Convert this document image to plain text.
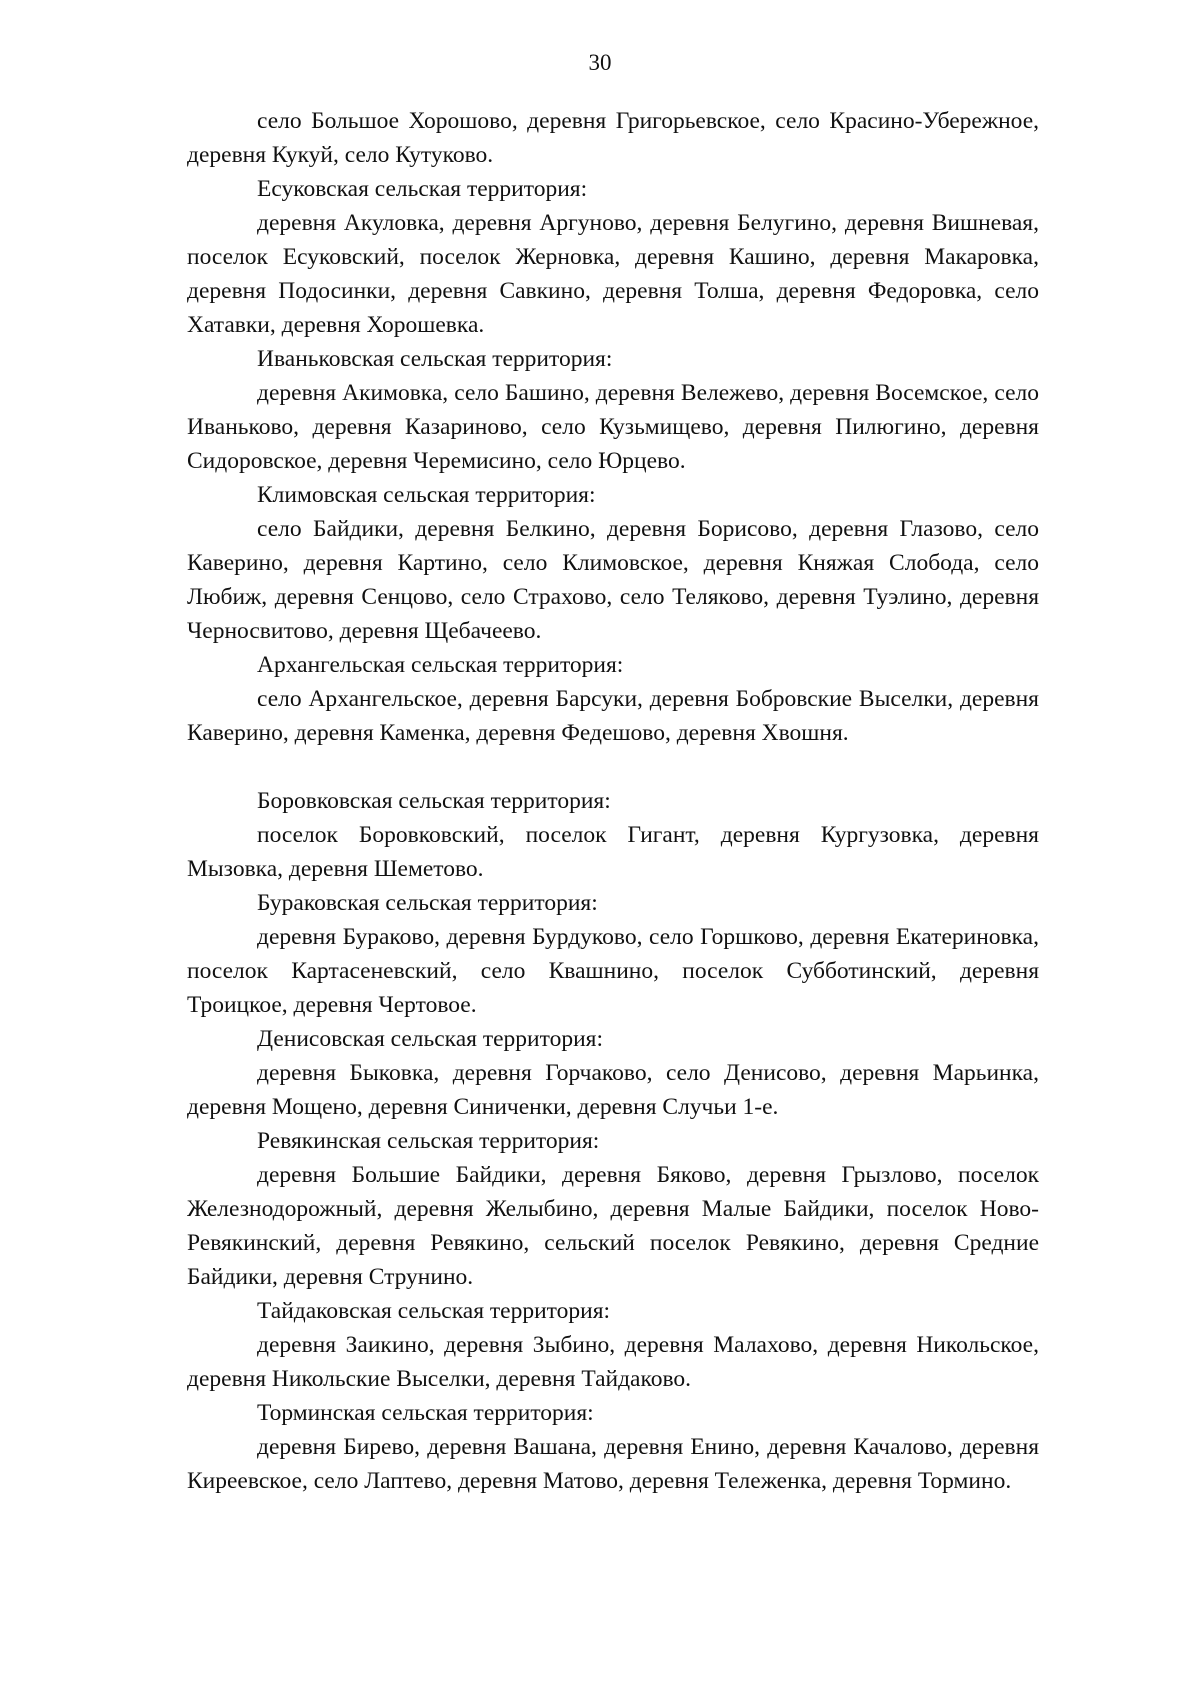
30

село Большое Хорошово, деревня Григорьевское, село Красино-Убережное, деревня Кукуй, село Кутуково.

Есуковская сельская территория:

деревня Акуловка, деревня Аргуново, деревня Белугино, деревня Вишневая, поселок Есуковский, поселок Жерновка, деревня Кашино, деревня Макаровка, деревня Подосинки, деревня Савкино, деревня Толша, деревня Федоровка, село Хатавки, деревня Хорошевка.

Иваньковская сельская территория:

деревня Акимовка, село Башино, деревня Вележево, деревня Восемское, село Иваньково, деревня Казариново, село Кузьмищево, деревня Пилюгино, деревня Сидоровское, деревня Черемисино, село Юрцево.

Климовская сельская территория:

село Байдики, деревня Белкино, деревня Борисово, деревня Глазово, село Каверино, деревня Картино, село Климовское, деревня Княжая Слобода, село Любиж, деревня Сенцово, село Страхово, село Теляково, деревня Туэлино, деревня Черносвитово, деревня Щебачеево.

Архангельская сельская территория:

село Архангельское, деревня Барсуки, деревня Бобровские Выселки, деревня Каверино, деревня Каменка, деревня Федешово, деревня Хвошня.

Боровковская сельская территория:

поселок Боровковский, поселок Гигант, деревня Кургузовка, деревня Мызовка, деревня Шеметово.

Бураковская сельская территория:

деревня Бураково, деревня Бурдуково, село Горшково, деревня Екатериновка, поселок Картасеневский, село Квашнино, поселок Субботинский, деревня Троицкое, деревня Чертовое.

Денисовская сельская территория:

деревня Быковка, деревня Горчаково, село Денисово, деревня Марьинка, деревня Мощено, деревня Синиченки, деревня Случьи 1-е.

Ревякинская сельская территория:

деревня Большие Байдики, деревня Бяково, деревня Грызлово, поселок Железнодорожный, деревня Желыбино, деревня Малые Байдики, поселок Ново-Ревякинский, деревня Ревякино, сельский поселок Ревякино, деревня Средние Байдики, деревня Струнино.

Тайдаковская сельская территория:

деревня Заикино, деревня Зыбино, деревня Малахово, деревня Никольское, деревня Никольские Выселки, деревня Тайдаково.

Торминская сельская территория:

деревня Бирево, деревня Вашана, деревня Енино, деревня Качалово, деревня Киреевское, село Лаптево, деревня Матово, деревня Тележенка, деревня Тормино.
